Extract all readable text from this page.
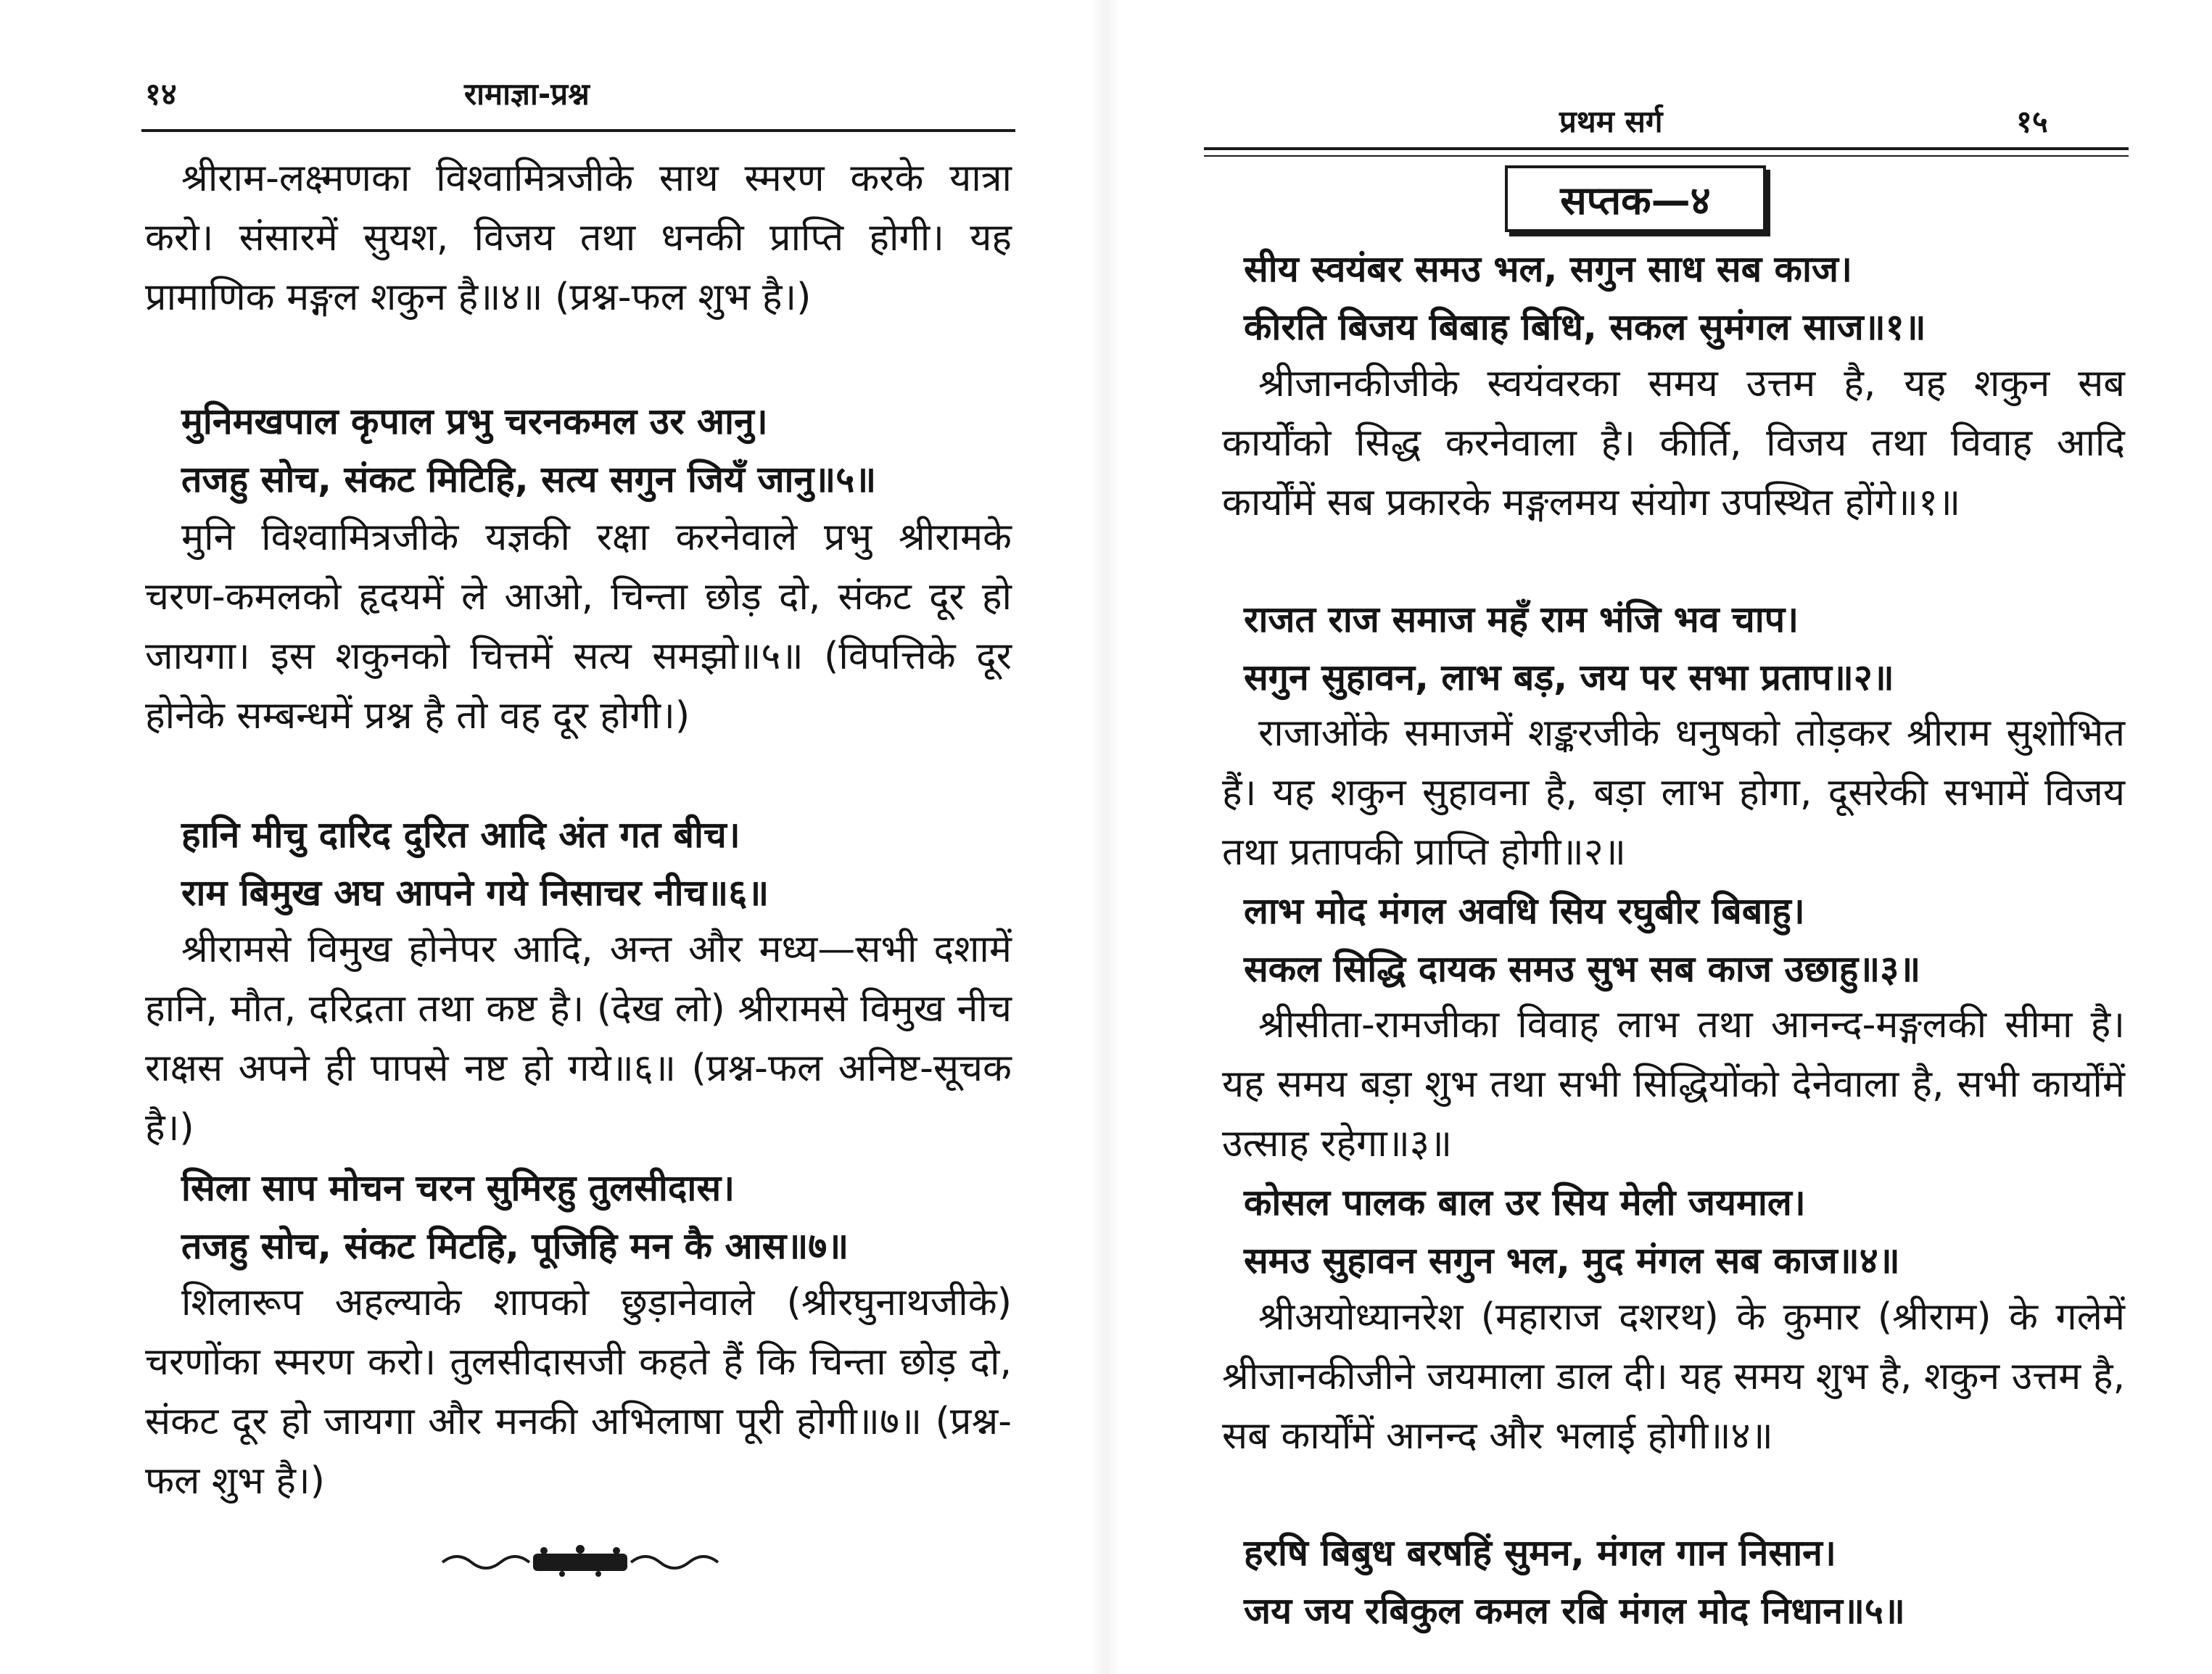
१४	रामाज्ञा-प्रश्न
श्रीराम-लक्ष्मणका विश्वामित्रजीके साथ स्मरण करके यात्रा करो। संसारमें सुयश, विजय तथा धनकी प्राप्ति होगी। यह प्रामाणिक मङ्गल शकुन है॥४॥ (प्रश्न-फल शुभ है।)
मुनिमखपाल कृपाल प्रभु चरनकमल उर आनु।
तजहु सोच, संकट मिटिहि, सत्य सगुन जियँ जानु॥५॥
मुनि विश्वामित्रजीके यज्ञकी रक्षा करनेवाले प्रभु श्रीरामके चरण-कमलको हृदयमें ले आओ, चिन्ता छोड़ दो, संकट दूर हो जायगा। इस शकुनको चित्तमें सत्य समझो॥५॥ (विपत्तिके दूर होनेके सम्बन्धमें प्रश्न है तो वह दूर होगी।)
हानि मीचु दारिद दुरित आदि अंत गत बीच।
राम बिमुख अघ आपने गये निसाचर नीच॥६॥
श्रीरामसे विमुख होनेपर आदि, अन्त और मध्य—सभी दशामें हानि, मौत, दरिद्रता तथा कष्ट है। (देख लो) श्रीरामसे विमुख नीच राक्षस अपने ही पापसे नष्ट हो गये॥६॥ (प्रश्न-फल अनिष्ट-सूचक है।)
सिला साप मोचन चरन सुमिरहु तुलसीदास।
तजहु सोच, संकट मिटहि, पूजिहि मन कै आस॥७॥
शिलारूप अहल्याके शापको छुड़ानेवाले (श्रीरघुनाथजीके) चरणोंका स्मरण करो। तुलसीदासजी कहते हैं कि चिन्ता छोड़ दो, संकट दूर हो जायगा और मनकी अभिलाषा पूरी होगी॥७॥ (प्रश्न-फल शुभ है।)
प्रथम सर्ग	१५
सप्तक—४
सीय स्वयंबर समउ भल, सगुन साध सब काज।
कीरति बिजय बिबाह बिधि, सकल सुमंगल साज॥१॥
श्रीजानकीजीके स्वयंवरका समय उत्तम है, यह शकुन सब कार्योंको सिद्ध करनेवाला है। कीर्ति, विजय तथा विवाह आदि कार्योंमें सब प्रकारके मङ्गलमय संयोग उपस्थित होंगे॥१॥
राजत राज समाज महँ राम भंजि भव चाप।
सगुन सुहावन, लाभ बड़, जय पर सभा प्रताप॥२॥
राजाओंके समाजमें शङ्करजीके धनुषको तोड़कर श्रीराम सुशोभित हैं। यह शकुन सुहावना है, बड़ा लाभ होगा, दूसरेकी सभामें विजय तथा प्रतापकी प्राप्ति होगी॥२॥
लाभ मोद मंगल अवधि सिय रघुबीर बिबाहु।
सकल सिद्धि दायक समउ सुभ सब काज उछाहु॥३॥
श्रीसीता-रामजीका विवाह लाभ तथा आनन्द-मङ्गलकी सीमा है। यह समय बड़ा शुभ तथा सभी सिद्धियोंको देनेवाला है, सभी कार्योंमें उत्साह रहेगा॥३॥
कोसल पालक बाल उर सिय मेली जयमाल।
समउ सुहावन सगुन भल, मुद मंगल सब काज॥४॥
श्रीअयोध्यानरेश (महाराज दशरथ) के कुमार (श्रीराम) के गलेमें श्रीजानकीजीने जयमाला डाल दी। यह समय शुभ है, शकुन उत्तम है, सब कार्योंमें आनन्द और भलाई होगी॥४॥
हरषि बिबुध बरषहिं सुमन, मंगल गान निसान।
जय जय रबिकुल कमल रबि मंगल मोद निधान॥५॥
